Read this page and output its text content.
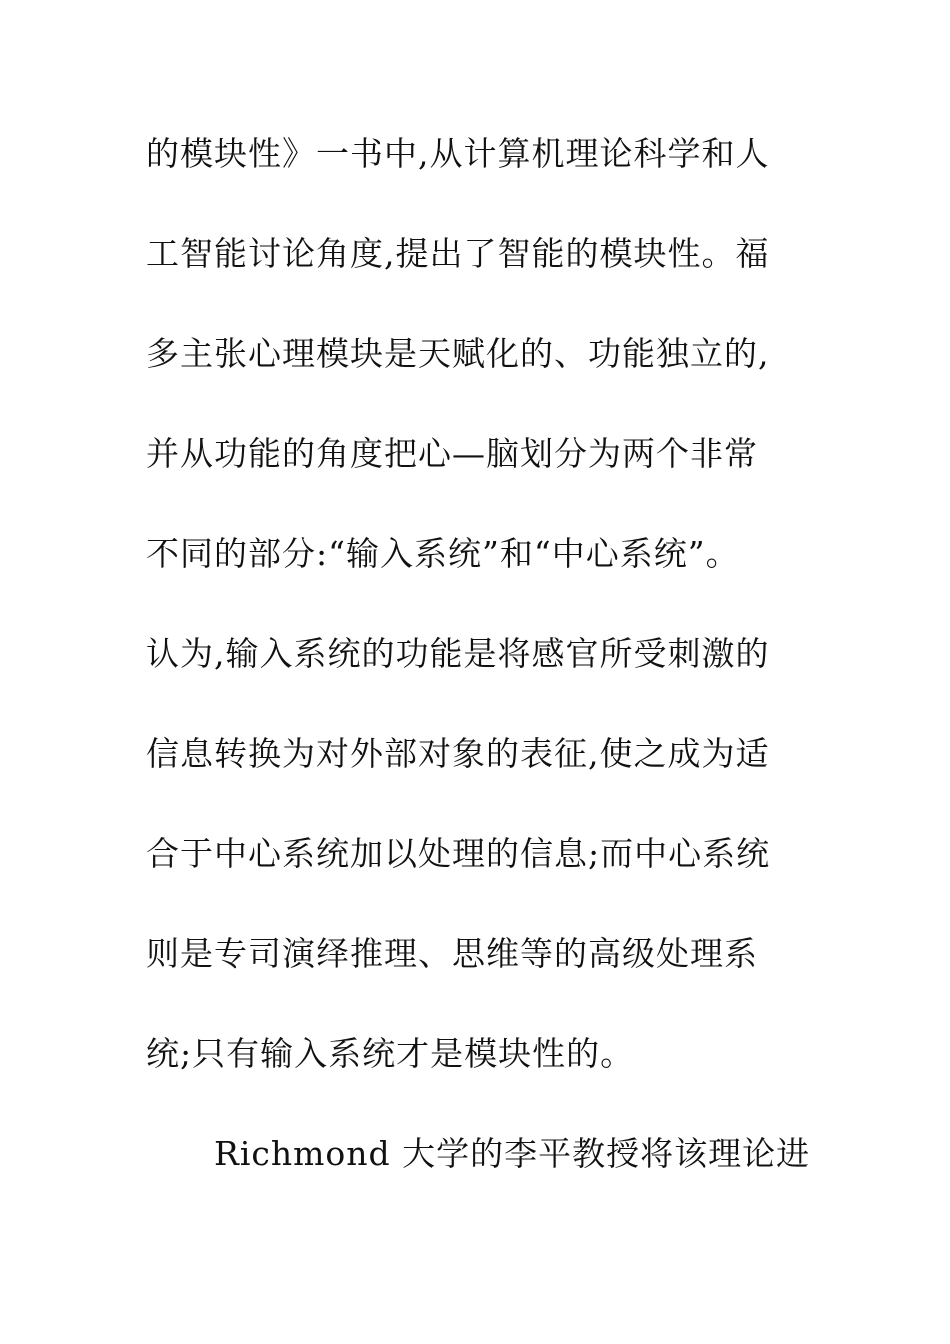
的模块性》一书中,从计算机理论科学和人
工智能讨论角度,提出了智能的模块性。福
多主张心理模块是天赋化的、功能独立的,
并从功能的角度把心—脑划分为两个非常
不同的部分:“输入系统”和“中心系统”。
认为,输入系统的功能是将感官所受刺激的
信息转换为对外部对象的表征,使之成为适
合于中心系统加以处理的信息;而中心系统
则是专司演绎推理、思维等的高级处理系
统;只有输入系统才是模块性的。
Richmond 大学的李平教授将该理论进
